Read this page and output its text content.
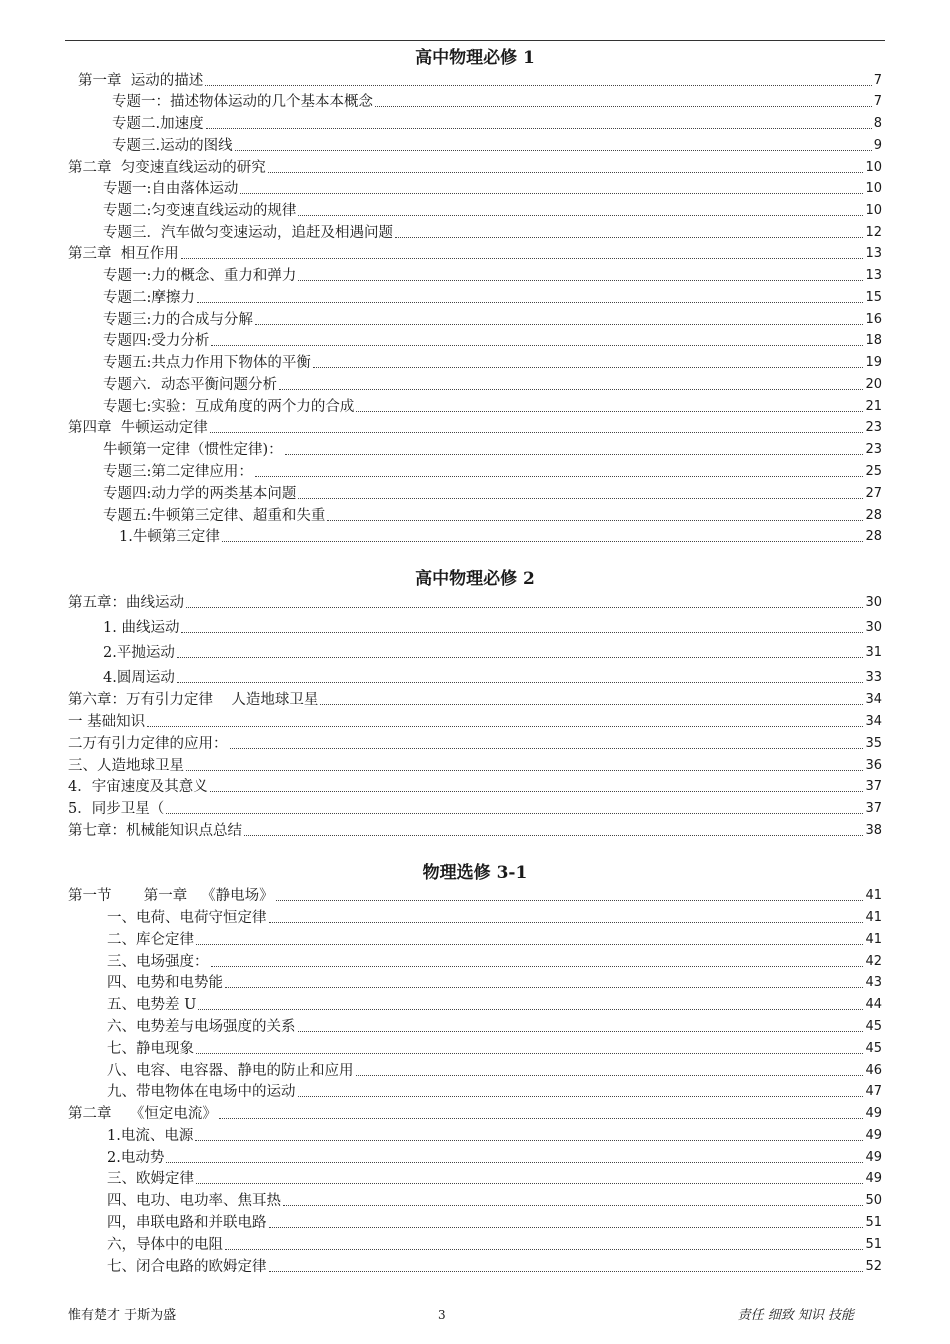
高中物理必修 1
高中物理必修 2
物理选修 3-1
第一章  运动的描述	7
专题一：描述物体运动的几个基本本概念	7
专题二.加速度	8
专题三.运动的图线	9
第二章  匀变速直线运动的研究	10
专题一:自由落体运动	10
专题二:匀变速直线运动的规律	10
专题三．汽车做匀变速运动，追赶及相遇问题	12
第三章  相互作用	13
专题一:力的概念、重力和弹力	13
专题二:摩擦力	15
专题三:力的合成与分解	16
专题四:受力分析	18
专题五:共点力作用下物体的平衡	19
专题六．动态平衡问题分析	20
专题七:实验：互成角度的两个力的合成	21
第四章  牛顿运动定律	23
牛顿第一定律（惯性定律)：	23
专题三:第二定律应用：	25
专题四:动力学的两类基本问题	27
专题五:牛顿第三定律、超重和失重	28
1.牛顿第三定律	28
第五章：曲线运动	30
1. 曲线运动	30
2.平抛运动	31
4.圆周运动	33
第六章：万有引力定律    人造地球卫星	34
一 基础知识	34
二万有引力定律的应用：	35
三、人造地球卫星	36
4．宇宙速度及其意义	37
5．同步卫星（	37
第七章：机械能知识点总结	38
第一节       第一章   《静电场》	41
一、电荷、电荷守恒定律	41
二、库仑定律	41
三、电场强度：	42
四、电势和电势能	43
五、电势差 U	44
六、电势差与电场强度的关系	45
七、静电现象	45
八、电容、电容器、静电的防止和应用	46
九、带电物体在电场中的运动	47
第二章    《恒定电流》	49
1.电流、电源	49
2.电动势	49
三、欧姆定律	49
四、电功、电功率、焦耳热	50
四，串联电路和并联电路	51
六，导体中的电阻	51
七、闭合电路的欧姆定律	52
惟有楚才 于斯为盛	3	责任 细致 知识 技能
